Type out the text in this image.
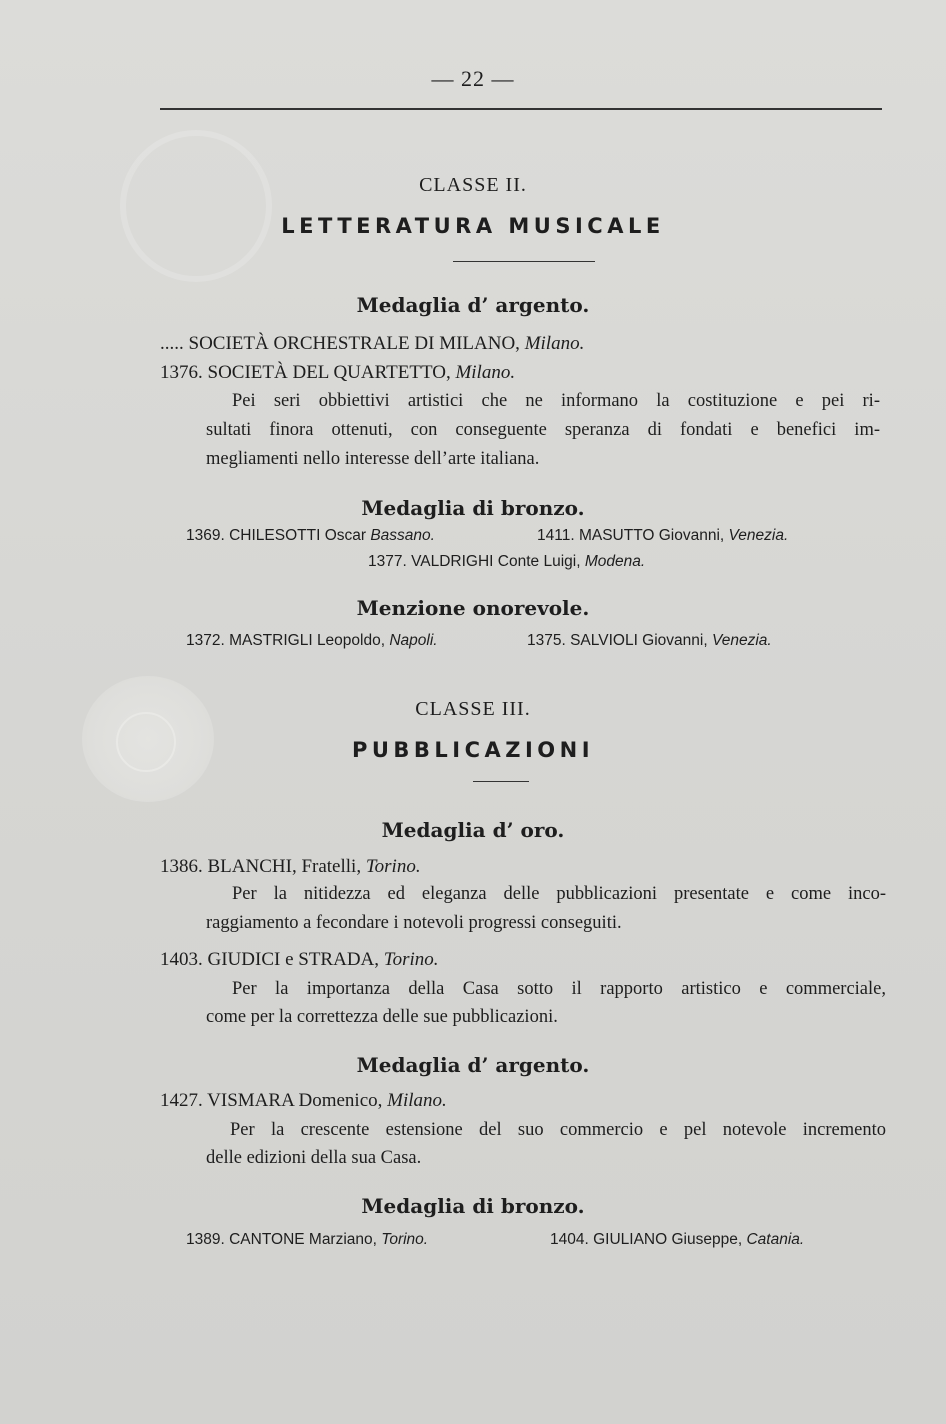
— 22 —
CLASSE II.
LETTERATURA MUSICALE
Medaglia d’ argento.
..... SOCIETÀ ORCHESTRALE DI MILANO, Milano.
1376. SOCIETÀ DEL QUARTETTO, Milano.
Pei seri obbiettivi artistici che ne informano la costituzione e pei ri-
sultati finora ottenuti, con conseguente speranza di fondati e benefici im-
megliamenti nello interesse dell’arte italiana.
Medaglia di bronzo.
1369. CHILESOTTI Oscar Bassano.	1411. MASUTTO Giovanni, Venezia.
1377. VALDRIGHI Conte Luigi, Modena.
Menzione onorevole.
1372. MASTRIGLI Leopoldo, Napoli.	1375. SALVIOLI Giovanni, Venezia.
CLASSE III.
PUBBLICAZIONI
Medaglia d’ oro.
1386. BLANCHI, Fratelli, Torino.
Per la nitidezza ed eleganza delle pubblicazioni presentate e come inco-
raggiamento a fecondare i notevoli progressi conseguiti.
1403. GIUDICI e STRADA, Torino.
Per la importanza della Casa sotto il rapporto artistico e commerciale,
come per la correttezza delle sue pubblicazioni.
Medaglia d’ argento.
1427. VISMARA Domenico, Milano.
Per la crescente estensione del suo commercio e pel notevole incremento
delle edizioni della sua Casa.
Medaglia di bronzo.
1389. CANTONE Marziano, Torino.	1404. GIULIANO Giuseppe, Catania.
